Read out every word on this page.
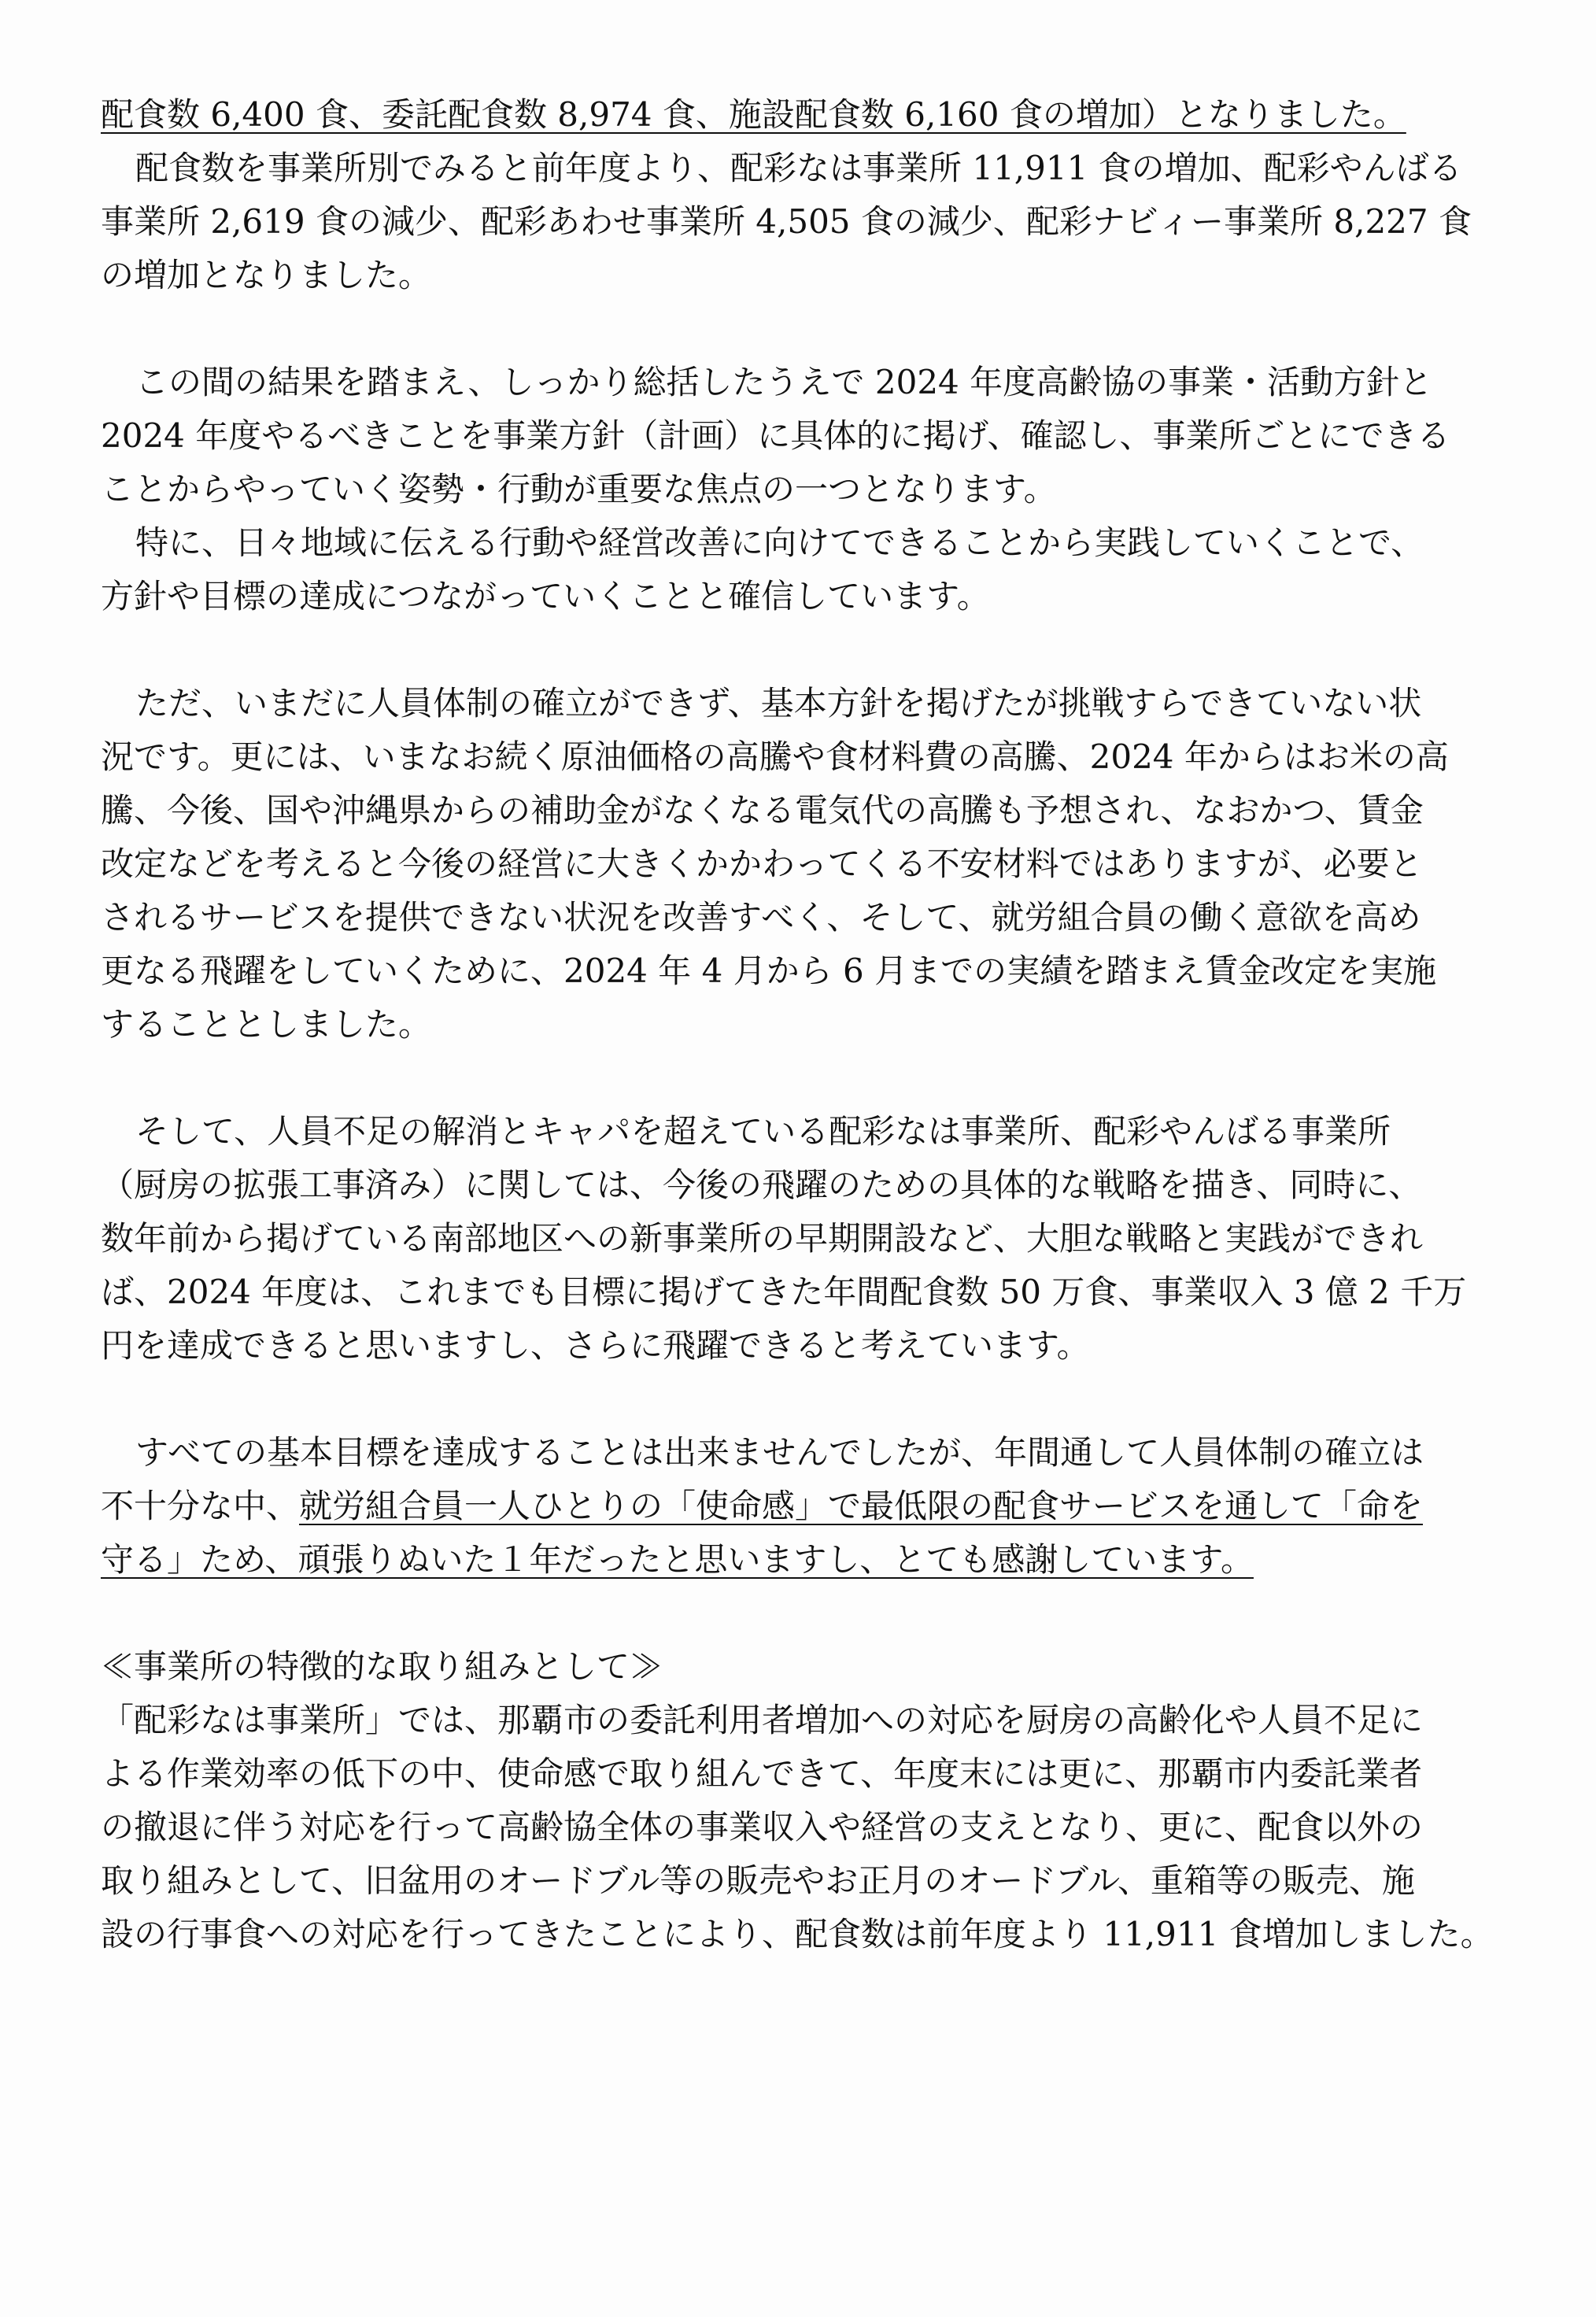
配食数 6,400 食、委託配食数 8,974 食、施設配食数 6,160 食の増加）となりました。
配食数を事業所別でみると前年度より、配彩なは事業所 11,911 食の増加、配彩やんばる
事業所 2,619 食の減少、配彩あわせ事業所 4,505 食の減少、配彩ナビィー事業所 8,227 食
の増加となりました。
この間の結果を踏まえ、しっかり総括したうえで 2024 年度高齢協の事業・活動方針と
2024 年度やるべきことを事業方針（計画）に具体的に掲げ、確認し、事業所ごとにできる
ことからやっていく姿勢・行動が重要な焦点の一つとなります。
特に、日々地域に伝える行動や経営改善に向けてできることから実践していくことで、
方針や目標の達成につながっていくことと確信しています。
ただ、いまだに人員体制の確立ができず、基本方針を掲げたが挑戦すらできていない状
況です。更には、いまなお続く原油価格の高騰や食材料費の高騰、2024 年からはお米の高
騰、今後、国や沖縄県からの補助金がなくなる電気代の高騰も予想され、なおかつ、賃金
改定などを考えると今後の経営に大きくかかわってくる不安材料ではありますが、必要と
されるサービスを提供できない状況を改善すべく、そして、就労組合員の働く意欲を高め
更なる飛躍をしていくために、2024 年 4 月から 6 月までの実績を踏まえ賃金改定を実施
することとしました。
そして、人員不足の解消とキャパを超えている配彩なは事業所、配彩やんばる事業所
（厨房の拡張工事済み）に関しては、今後の飛躍のための具体的な戦略を描き、同時に、
数年前から掲げている南部地区への新事業所の早期開設など、大胆な戦略と実践ができれ
ば、2024 年度は、これまでも目標に掲げてきた年間配食数 50 万食、事業収入 3 億 2 千万
円を達成できると思いますし、さらに飛躍できると考えています。
すべての基本目標を達成することは出来ませんでしたが、年間通して人員体制の確立は
不十分な中、就労組合員一人ひとりの「使命感」で最低限の配食サービスを通して「命を
守る」ため、頑張りぬいた１年だったと思いますし、とても感謝しています。
≪事業所の特徴的な取り組みとして≫
「配彩なは事業所」では、那覇市の委託利用者増加への対応を厨房の高齢化や人員不足に
よる作業効率の低下の中、使命感で取り組んできて、年度末には更に、那覇市内委託業者
の撤退に伴う対応を行って高齢協全体の事業収入や経営の支えとなり、更に、配食以外の
取り組みとして、旧盆用のオードブル等の販売やお正月のオードブル、重箱等の販売、施
設の行事食への対応を行ってきたことにより、配食数は前年度より 11,911 食増加しました。
